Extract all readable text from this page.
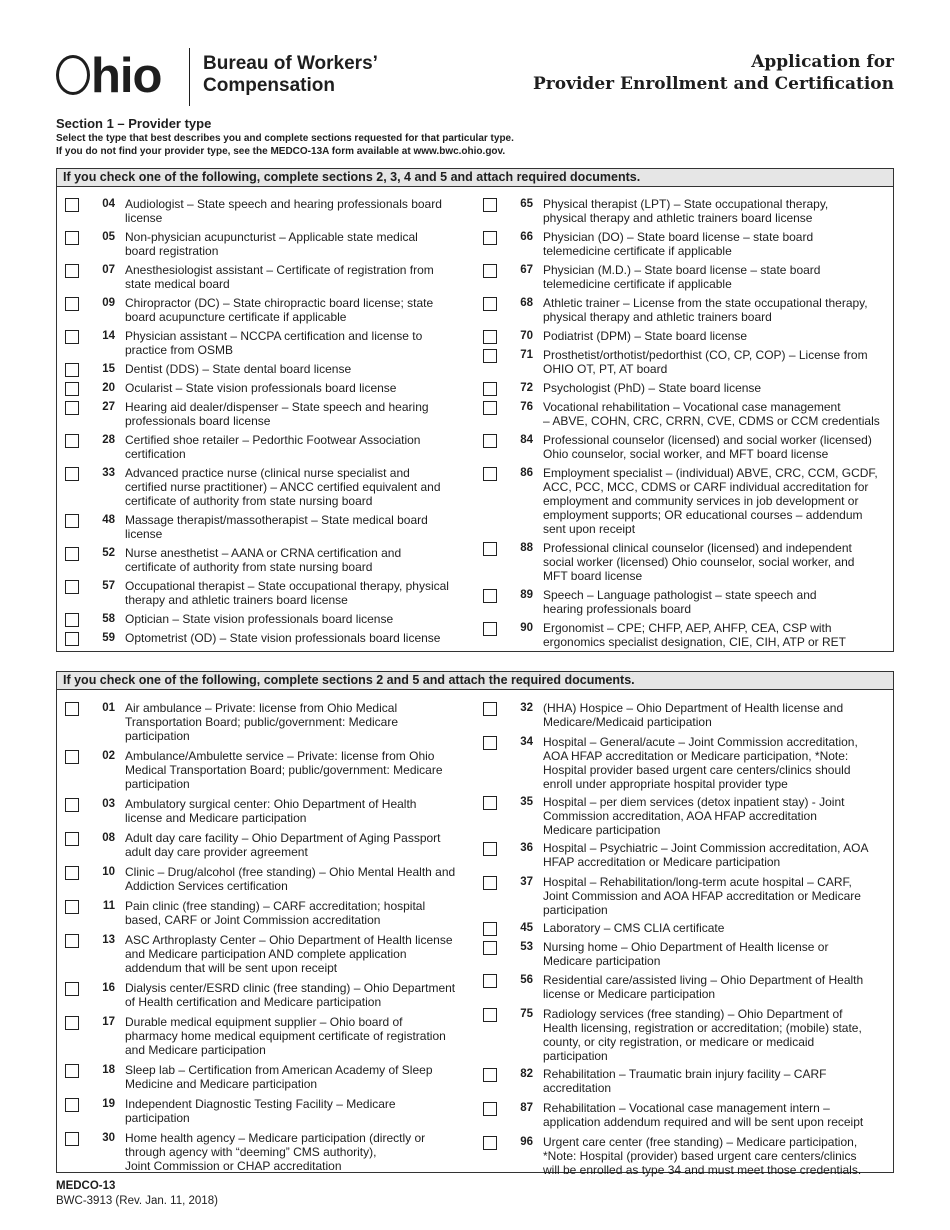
hio Bureau of Workers’
Compensation
Application for
Provider Enrollment and Certification
Section 1 – Provider type
Select the type that best describes you and complete sections requested for that particular type.
If you do not find your provider type, see the MEDCO-13A form available at www.bwc.ohio.gov.
If you check one of the following, complete sections 2, 3, 4 and 5 and attach required documents.
04 Audiologist – State speech and hearing professionals board
license
05 Non-physician acupuncturist – Applicable state medical
board registration
07 Anesthesiologist assistant – Certificate of registration from
state medical board
09 Chiropractor (DC) – State chiropractic board license; state
board acupuncture certificate if applicable
14 Physician assistant – NCCPA certification and license to
practice from OSMB
15 Dentist (DDS) – State dental board license
20 Ocularist – State vision professionals board license
27 Hearing aid dealer/dispenser – State speech and hearing
professionals board license
28 Certified shoe retailer – Pedorthic Footwear Association
certification
33 Advanced practice nurse (clinical nurse specialist and
certified nurse practitioner) – ANCC certified equivalent and
certificate of authority from state nursing board
48 Massage therapist/massotherapist – State medical board
license
52 Nurse anesthetist – AANA or CRNA certification and
certificate of authority from state nursing board
57 Occupational therapist – State occupational therapy, physical
therapy and athletic trainers board license
58 Optician – State vision professionals board license
59 Optometrist (OD) – State vision professionals board license
65 Physical therapist (LPT) – State occupational therapy,
physical therapy and athletic trainers board license
66 Physician (DO) – State board license – state board
telemedicine certificate if applicable
67 Physician (M.D.) – State board license – state board
telemedicine certificate if applicable
68 Athletic trainer – License from the state occupational therapy,
physical therapy and athletic trainers board
70 Podiatrist (DPM) – State board license
71 Prosthetist/orthotist/pedorthist (CO, CP, COP) – License from
OHIO OT, PT, AT board
72 Psychologist (PhD) – State board license
76 Vocational rehabilitation – Vocational case management
– ABVE, COHN, CRC, CRRN, CVE, CDMS or CCM credentials
84 Professional counselor (licensed) and social worker (licensed)
Ohio counselor, social worker, and MFT board license
86 Employment specialist – (individual) ABVE, CRC, CCM, GCDF,
ACC, PCC, MCC, CDMS or CARF individual accreditation for
employment and community services in job development or
employment supports; OR educational courses – addendum
sent upon receipt
88 Professional clinical counselor (licensed) and independent
social worker (licensed) Ohio counselor, social worker, and
MFT board license
89 Speech – Language pathologist – state speech and
hearing professionals board
90 Ergonomist – CPE; CHFP, AEP, AHFP, CEA, CSP with
ergonomics specialist designation, CIE, CIH, ATP or RET
If you check one of the following, complete sections 2 and 5 and attach the required documents.
01 Air ambulance – Private: license from Ohio Medical
Transportation Board; public/government: Medicare
participation
02 Ambulance/Ambulette service – Private: license from Ohio
Medical Transportation Board; public/government: Medicare
participation
03 Ambulatory surgical center: Ohio Department of Health
license and Medicare participation
08 Adult day care facility – Ohio Department of Aging Passport
adult day care provider agreement
10 Clinic – Drug/alcohol (free standing) – Ohio Mental Health and
Addiction Services certification
11 Pain clinic (free standing) – CARF accreditation; hospital
based, CARF or Joint Commission accreditation
13 ASC Arthroplasty Center – Ohio Department of Health license
and Medicare participation AND complete application
addendum that will be sent upon receipt
16 Dialysis center/ESRD clinic (free standing) – Ohio Department
of Health certification and Medicare participation
17 Durable medical equipment supplier – Ohio board of
pharmacy home medical equipment certificate of registration
and Medicare participation
18 Sleep lab – Certification from American Academy of Sleep
Medicine and Medicare participation
19 Independent Diagnostic Testing Facility – Medicare
participation
30 Home health agency – Medicare participation (directly or
through agency with “deeming” CMS authority),
Joint Commission or CHAP accreditation
32 (HHA) Hospice – Ohio Department of Health license and
Medicare/Medicaid participation
34 Hospital – General/acute – Joint Commission accreditation,
AOA HFAP accreditation or Medicare participation, *Note:
Hospital provider based urgent care centers/clinics should
enroll under appropriate hospital provider type
35 Hospital – per diem services (detox inpatient stay) - Joint
Commission accreditation, AOA HFAP accreditation
Medicare participation
36 Hospital – Psychiatric – Joint Commission accreditation, AOA
HFAP accreditation or Medicare participation
37 Hospital – Rehabilitation/long-term acute hospital – CARF,
Joint Commission and AOA HFAP accreditation or Medicare
participation
45 Laboratory – CMS CLIA certificate
53 Nursing home – Ohio Department of Health license or
Medicare participation
56 Residential care/assisted living – Ohio Department of Health
license or Medicare participation
75 Radiology services (free standing) – Ohio Department of
Health licensing, registration or accreditation; (mobile) state,
county, or city registration, or medicare or medicaid
participation
82 Rehabilitation – Traumatic brain injury facility – CARF
accreditation
87 Rehabilitation – Vocational case management intern –
application addendum required and will be sent upon receipt
96 Urgent care center (free standing) – Medicare participation,
*Note: Hospital (provider) based urgent care centers/clinics
will be enrolled as type 34 and must meet those credentials.
MEDCO-13
BWC-3913 (Rev. Jan. 11, 2018)
